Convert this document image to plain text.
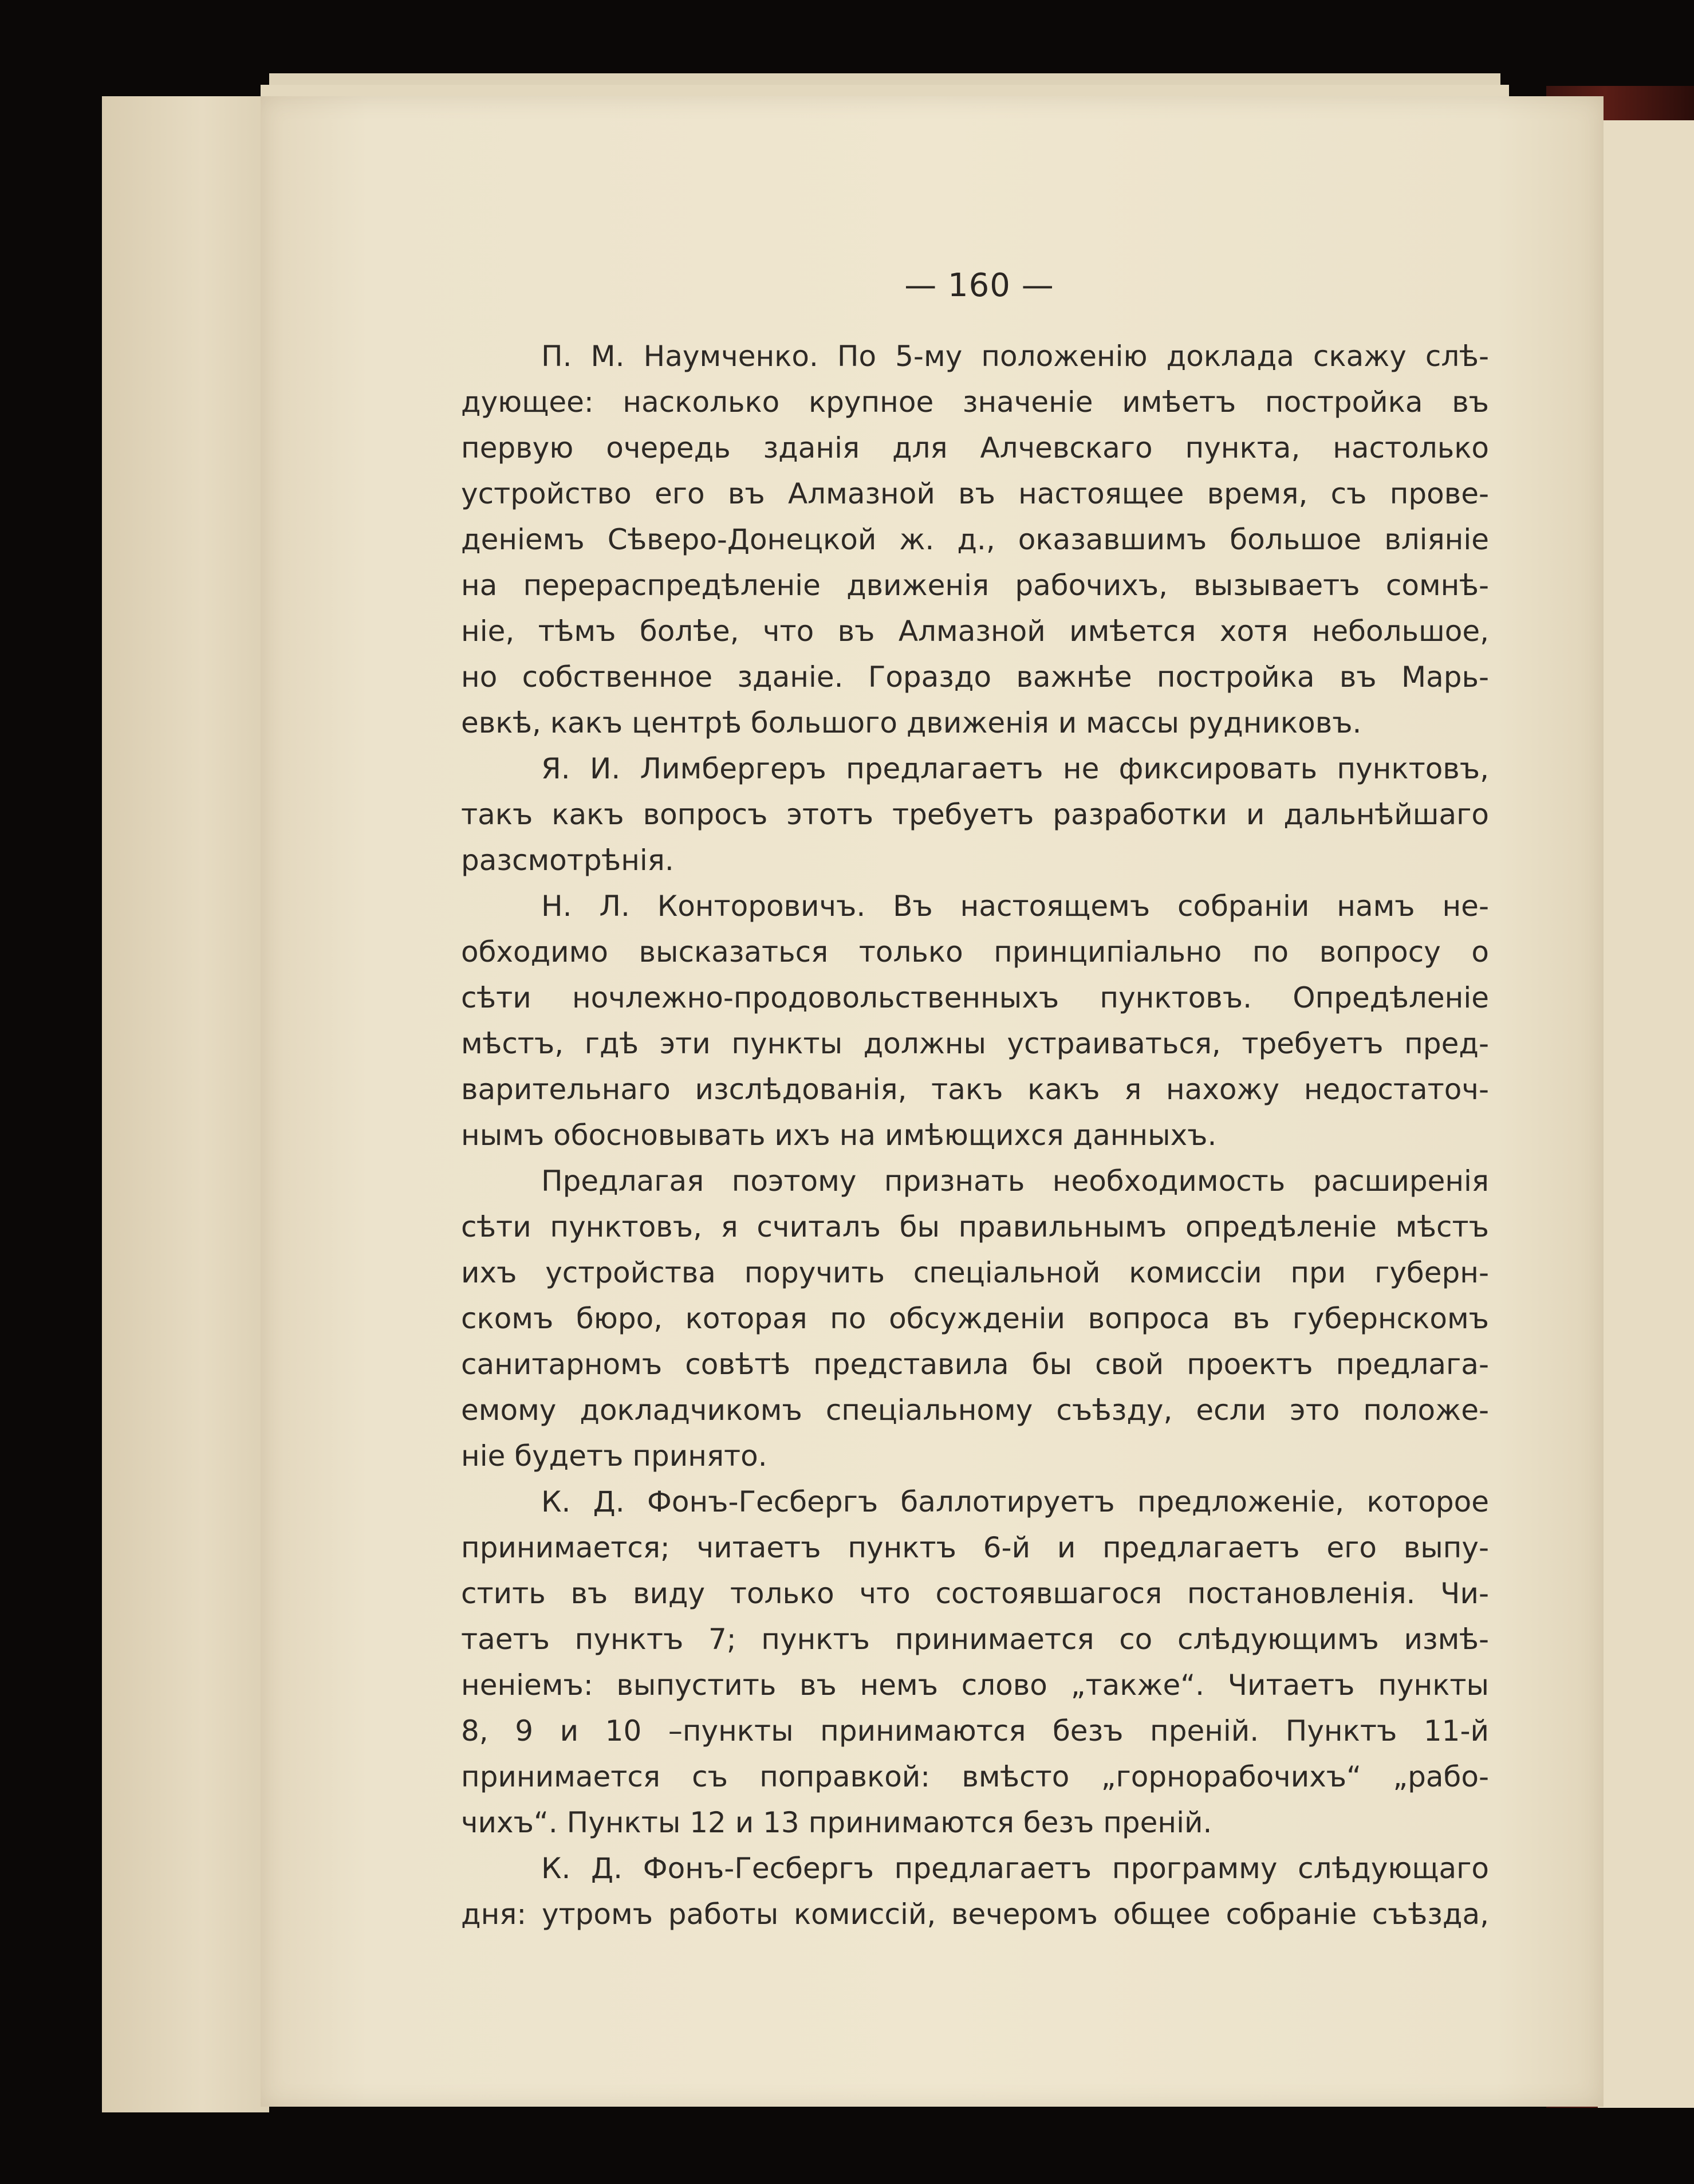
— 160 —
П. М. Наумченко. По 5-му положенію доклада скажу слѣ-
дующее: насколько крупное значеніе имѣетъ постройка въ
первую очередь зданія для Алчевскаго пункта, настолько
устройство его въ Алмазной въ настоящее время, съ прове-
деніемъ Сѣверо-Донецкой ж. д., оказавшимъ большое вліяніе
на перераспредѣленіе движенія рабочихъ, вызываетъ сомнѣ-
ніе, тѣмъ болѣе, что въ Алмазной имѣется хотя небольшое,
но собственное зданіе. Гораздо важнѣе постройка въ Марь-
евкѣ, какъ центрѣ большого движенія и массы рудниковъ.
Я. И. Лимбергеръ предлагаетъ не фиксировать пунктовъ,
такъ какъ вопросъ этотъ требуетъ разработки и дальнѣйшаго
разсмотрѣнія.
Н. Л. Конторовичъ. Въ настоящемъ собраніи намъ не-
обходимо высказаться только принципіально по вопросу о
сѣти ночлежно-продовольственныхъ пунктовъ. Опредѣленіе
мѣстъ, гдѣ эти пункты должны устраиваться, требуетъ пред-
варительнаго изслѣдованія, такъ какъ я нахожу недостаточ-
нымъ обосновывать ихъ на имѣющихся данныхъ.
Предлагая поэтому признать необходимость расширенія
сѣти пунктовъ, я считалъ бы правильнымъ опредѣленіе мѣстъ
ихъ устройства поручить спеціальной комиссіи при губерн-
скомъ бюро, которая по обсужденіи вопроса въ губернскомъ
санитарномъ совѣтѣ представила бы свой проектъ предлага-
емому докладчикомъ спеціальному съѣзду, если это положе-
ніе будетъ принято.
К. Д. Фонъ-Гесбергъ баллотируетъ предложеніе, которое
принимается; читаетъ пунктъ 6-й и предлагаетъ его выпу-
стить въ виду только что состоявшагося постановленія. Чи-
таетъ пунктъ 7; пунктъ принимается со слѣдующимъ измѣ-
неніемъ: выпустить въ немъ слово „также“. Читаетъ пункты
8, 9 и 10 –пункты принимаются безъ преній. Пунктъ 11-й
принимается съ поправкой: вмѣсто „горнорабочихъ“ „рабо-
чихъ“. Пункты 12 и 13 принимаются безъ преній.
К. Д. Фонъ-Гесбергъ предлагаетъ программу слѣдующаго
дня: утромъ работы комиссій, вечеромъ общее собраніе съѣзда,
